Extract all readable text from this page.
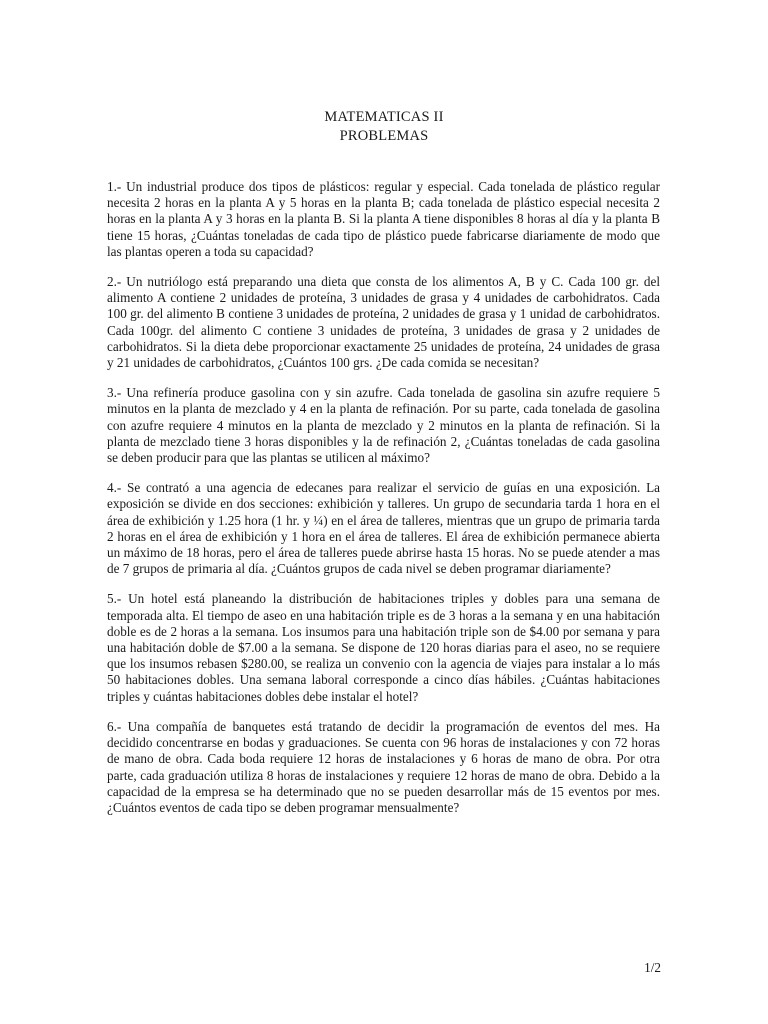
MATEMATICAS II
PROBLEMAS

1.- Un industrial produce dos tipos de plásticos: regular y especial. Cada tonelada de plástico regular necesita 2 horas en la planta A y 5 horas en la planta B; cada tonelada de plástico especial necesita 2 horas en la planta A y 3 horas en la planta B. Si la planta A tiene disponibles 8 horas al día y la planta B tiene 15 horas, ¿Cuántas toneladas de cada tipo de plástico puede fabricarse diariamente de modo que las plantas operen a toda su capacidad?

2.- Un nutriólogo está preparando una dieta que consta de los alimentos A, B y C. Cada 100 gr. del alimento A contiene 2 unidades de proteína, 3 unidades de grasa y 4 unidades de carbohidratos. Cada 100 gr. del alimento B contiene 3 unidades de proteína, 2 unidades de grasa y 1 unidad de carbohidratos. Cada 100gr. del alimento C contiene 3 unidades de proteína, 3 unidades de grasa y 2 unidades de carbohidratos. Si la dieta debe proporcionar exactamente 25 unidades de proteína, 24 unidades de grasa y 21 unidades de carbohidratos, ¿Cuántos 100 grs. ¿De cada comida se necesitan?

3.- Una refinería produce gasolina con y sin azufre. Cada tonelada de gasolina sin azufre requiere 5 minutos en la planta de mezclado y 4 en la planta de refinación. Por su parte, cada tonelada de gasolina con azufre requiere 4 minutos en la planta de mezclado y 2 minutos en la planta de refinación. Si la planta de mezclado tiene 3 horas disponibles y la de refinación 2, ¿Cuántas toneladas de cada gasolina se deben producir para que las plantas se utilicen al máximo?

4.- Se contrató a una agencia de edecanes para realizar el servicio de guías en una exposición. La exposición se divide en dos secciones: exhibición y talleres. Un grupo de secundaria tarda 1 hora en el área de exhibición y 1.25 hora (1 hr. y ¼) en el área de talleres, mientras que un grupo de primaria tarda 2 horas en el área de exhibición y 1 hora en el área de talleres. El área de exhibición permanece abierta un máximo de 18 horas, pero el área de talleres puede abrirse hasta 15 horas. No se puede atender a mas de 7 grupos de primaria al día. ¿Cuántos grupos de cada nivel se deben programar diariamente?

5.- Un hotel está planeando la distribución de habitaciones triples y dobles para una semana de temporada alta. El tiempo de aseo en una habitación triple es de 3 horas a la semana y en una habitación doble es de 2 horas a la semana. Los insumos para una habitación triple son de $4.00 por semana y para una habitación doble de $7.00 a la semana. Se dispone de 120 horas diarias para el aseo, no se requiere que los insumos rebasen $280.00, se realiza un convenio con la agencia de viajes para instalar a lo más 50 habitaciones dobles. Una semana laboral corresponde a cinco días hábiles. ¿Cuántas habitaciones triples y cuántas habitaciones dobles debe instalar el hotel?

6.- Una compañía de banquetes está tratando de decidir la programación de eventos del mes. Ha decidido concentrarse en bodas y graduaciones. Se cuenta con 96 horas de instalaciones y con 72 horas de mano de obra. Cada boda requiere 12 horas de instalaciones y 6 horas de mano de obra. Por otra parte, cada graduación utiliza 8 horas de instalaciones y requiere 12 horas de mano de obra. Debido a la capacidad de la empresa se ha determinado que no se pueden desarrollar más de 15 eventos por mes. ¿Cuántos eventos de cada tipo se deben programar mensualmente?

1/2
